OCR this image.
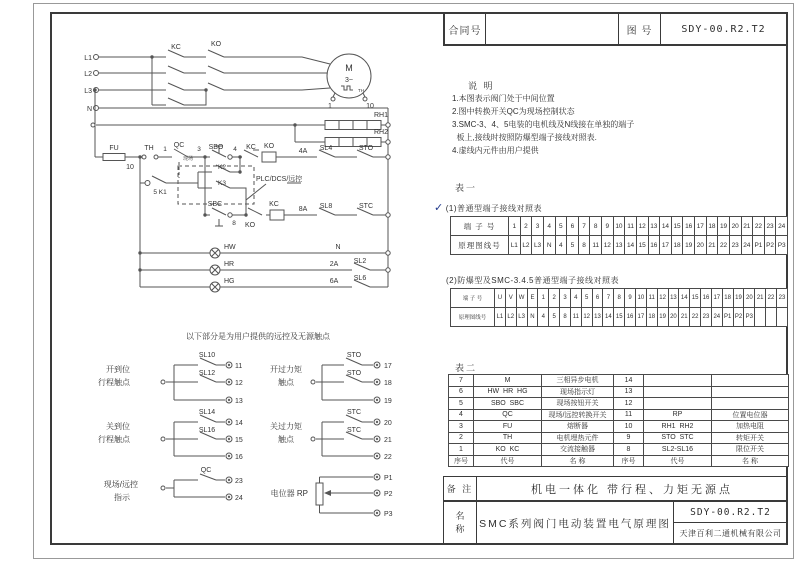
L1
L2
L3
N
KC	KO
M
3~
TH
1	10
RH1
RH2
FU	TH
10
1
QC
现场
3 SBO 4 KC KO
4A SL4	STO
K2
K3
5 K1
PLC/DCS/远控
SBC
8 KO
KC
8A SL8	STC
HW	N
HR	2A SL2
HG	6A SL6
以下部分是为用户提供的远控及无源触点
开到位
行程触点
SL10
11
SL12
12
13
关到位
行程触点
SL14
14
SL16
15
16
现场/远控
指示
QC
23
24
开过力矩
触点
STO
17
STO
18
19
关过力矩
触点
STC
20
STC
21
22
电位器 RP
P1
P2
P3
合同号	图 号	SDY-00.R2.T2
说 明
1.本图表示阀门处于中间位置
2.图中转换开关QC为现场控制状态
3.SMC-3、4、5电装的电机线及N线接在单独的端子
板上,接线时按照防爆型端子接线对照表.
4.虚线内元件由用户提供
表一
✓ (1)普通型端子接线对照表
端 子 号	1	2	3	4	5	6	7	8	9	10	11	12	13	14	15	16	17	18	19	20	21	22	23	24
原理图线号	L1	L2	L3	N	4	5	8	11	12	13	14	15	16	17	18	19	20	21	22	23	24	P1	P2	P3
(2)防爆型及SMC-3.4.5普通型端子接线对照表
端 子 号	U	V	W	E	1	2	3	4	5	6	7	8	9	10	11	12	13	14	15	16	17	18	19	20	21	22	23
原理图线号	L1	L2	L3	N	4	5	8	11	12	13	14	15	16	17	18	19	20	21	22	23	24	P1	P2	P3			
表二
7	M	三相异步电机	14		
6	HW  HR  HG	现场指示灯	13		
5	SBO  SBC	现场按钮开关	12		
4	QC	现场/远控转换开关	11	RP	位置电位器
3	FU	熔断器	10	RH1  RH2	加热电阻
2	TH	电机埋热元件	9	STO  STC	转矩开关
1	KO  KC	交流接触器	8	SL2-SL16	限位开关
序号	代号	名 称	序号	代号	名 称
备 注	机电一体化 带行程、力矩无源点
名称 SMC系列阀门电动装置电气原理图
SDY-00.R2.T2
天津百利二通机械有限公司
